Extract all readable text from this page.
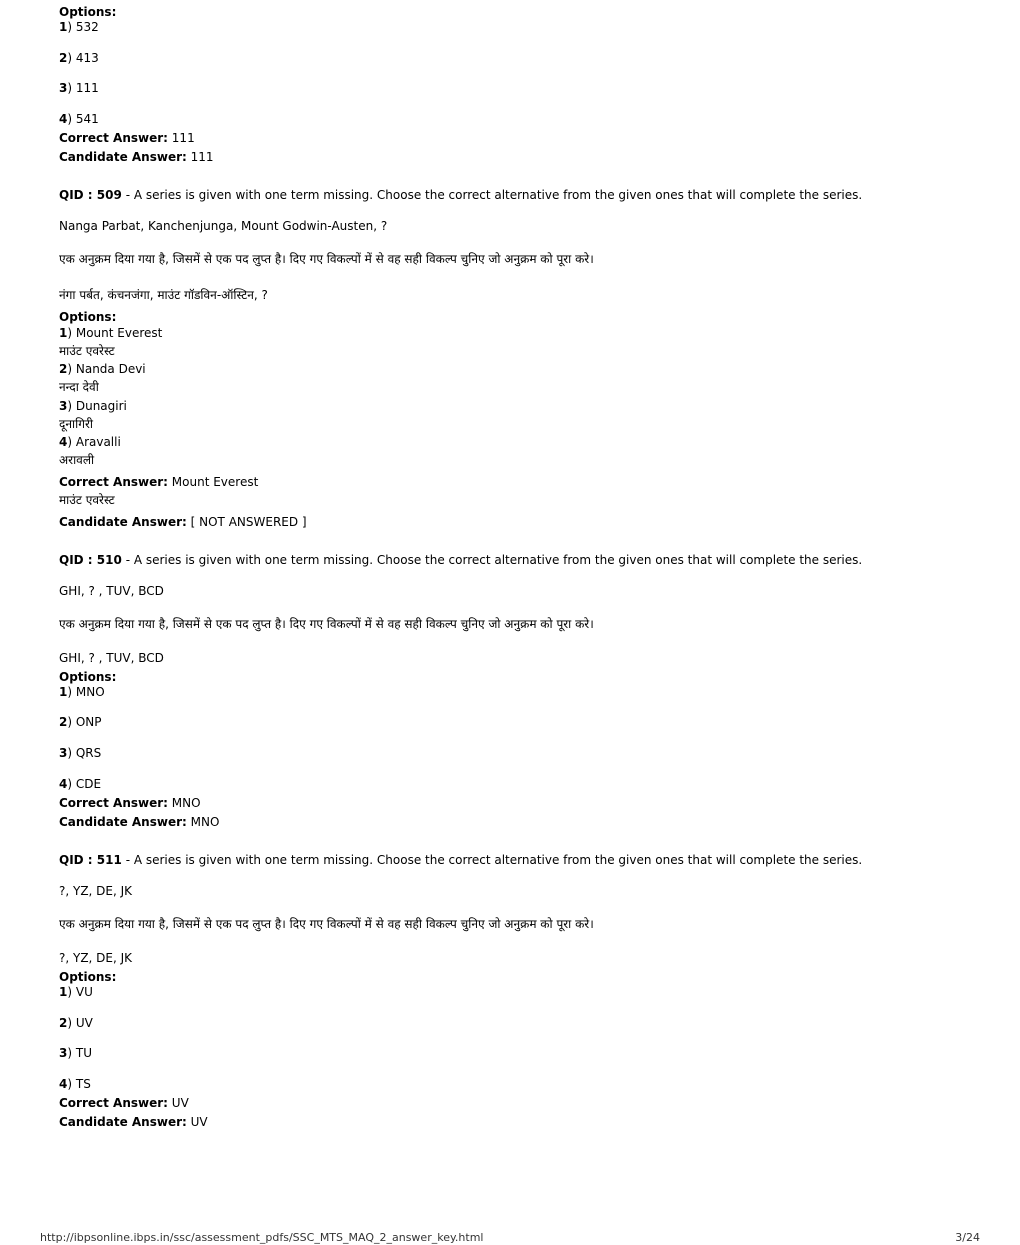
Options:
1) 532
2) 413
3) 111
4) 541
Correct Answer: 111
Candidate Answer: 111
QID : 509 - A series is given with one term missing. Choose the correct alternative from the given ones that will complete the series.
Nanga Parbat, Kanchenjunga, Mount Godwin-Austen, ?
एक अनुक्रम दिया गया है, जिसमें से एक पद लुप्त है। दिए गए विकल्पों में से वह सही विकल्प चुनिए जो अनुक्रम को पूरा करे।
नंगा पर्बत, कंचनजंगा, माउंट गॉडविन-ऑस्टिन, ?
Options:
1) Mount Everest
माउंट एवरेस्ट
2) Nanda Devi
नन्दा देवी
3) Dunagiri
दूनागिरी
4) Aravalli
अरावली
Correct Answer: Mount Everest
माउंट एवरेस्ट
Candidate Answer: [ NOT ANSWERED ]
QID : 510 - A series is given with one term missing. Choose the correct alternative from the given ones that will complete the series.
GHI, ? , TUV, BCD
एक अनुक्रम दिया गया है, जिसमें से एक पद लुप्त है। दिए गए विकल्पों में से वह सही विकल्प चुनिए जो अनुक्रम को पूरा करे।
GHI, ? , TUV, BCD
Options:
1) MNO
2) ONP
3) QRS
4) CDE
Correct Answer: MNO
Candidate Answer: MNO
QID : 511 - A series is given with one term missing. Choose the correct alternative from the given ones that will complete the series.
?, YZ, DE, JK
एक अनुक्रम दिया गया है, जिसमें से एक पद लुप्त है। दिए गए विकल्पों में से वह सही विकल्प चुनिए जो अनुक्रम को पूरा करे।
?, YZ, DE, JK
Options:
1) VU
2) UV
3) TU
4) TS
Correct Answer: UV
Candidate Answer: UV
http://ibpsonline.ibps.in/ssc/assessment_pdfs/SSC_MTS_MAQ_2_answer_key.html	3/24
